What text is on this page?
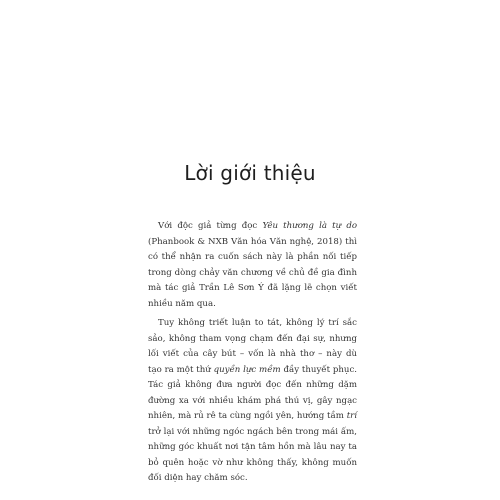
Lời giới thiệu

Với độc giả từng đọc Yêu thương là tự do (Phanbook & NXB Văn hóa Văn nghệ, 2018) thì có thể nhận ra cuốn sách này là phần nối tiếp trong dòng chảy văn chương về chủ đề gia đình mà tác giả Trần Lê Sơn Ý đã lặng lẽ chọn viết nhiều năm qua.

Tuy không triết luận to tát, không lý trí sắc sảo, không tham vọng chạm đến đại sự, nhưng lối viết của cây bút – vốn là nhà thơ – này dù tạo ra một thứ quyền lực mềm đầy thuyết phục. Tác giả không đưa người đọc đến những dặm đường xa với nhiều khám phá thú vị, gây ngạc nhiên, mà rủ rê ta cùng ngồi yên, hướng tầm trí trở lại với những ngóc ngách bên trong mái ấm, những góc khuất nơi tận tâm hồn mà lâu nay ta bỏ quên hoặc vờ như không thấy, không muốn đối diện hay chăm sóc.
